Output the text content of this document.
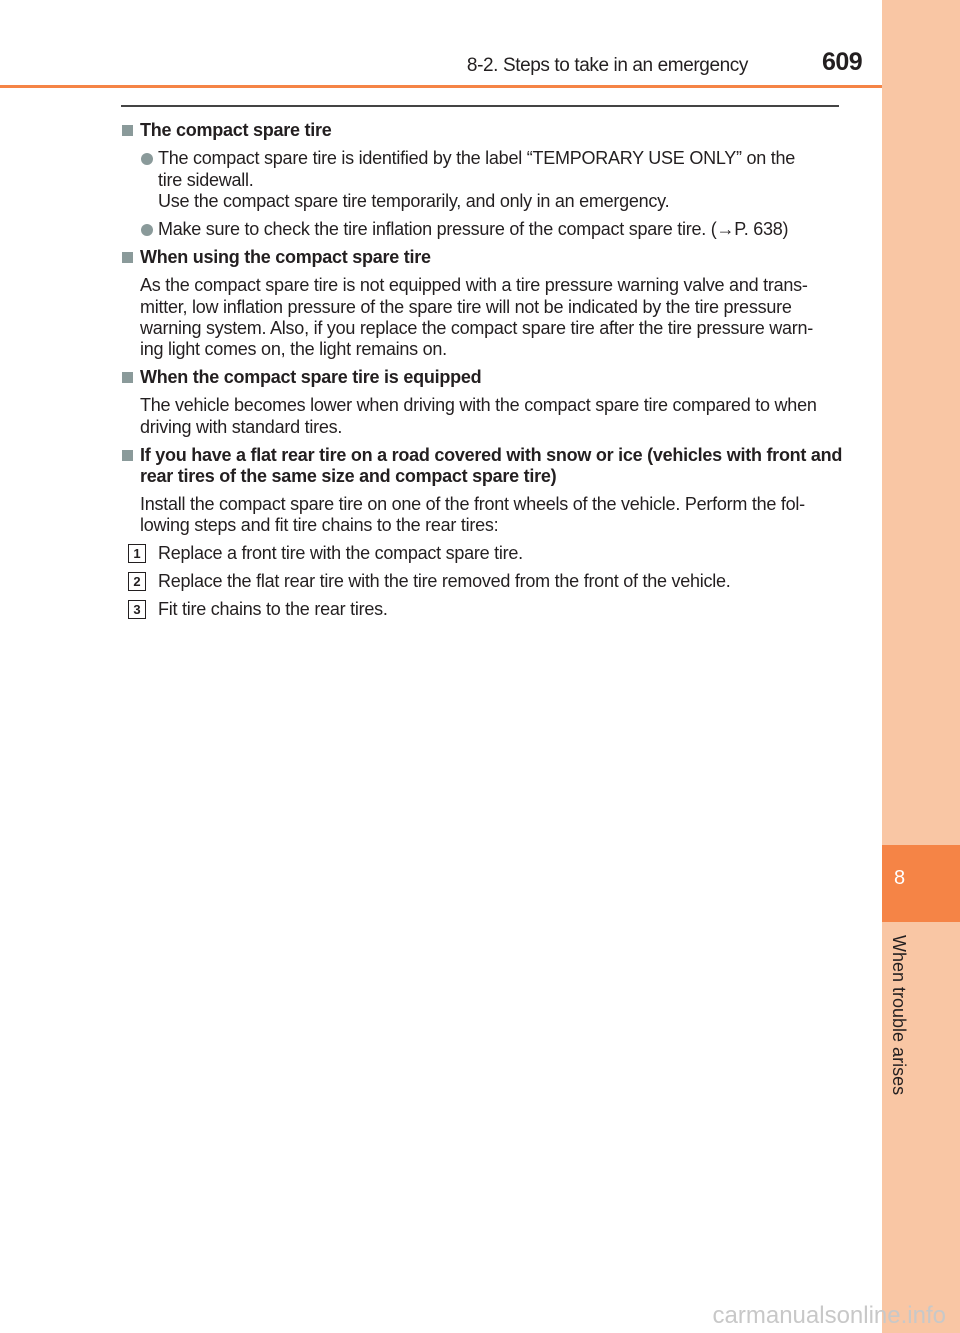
8
When trouble arises
8-2. Steps to take in an emergency	609
The compact spare tire
The compact spare tire is identified by the label “TEMPORARY USE ONLY” on the
tire sidewall.
Use the compact spare tire temporarily, and only in an emergency.
Make sure to check the tire inflation pressure of the compact spare tire. (→P. 638)
When using the compact spare tire
As the compact spare tire is not equipped with a tire pressure warning valve and trans-
mitter, low inflation pressure of the spare tire will not be indicated by the tire pressure
warning system. Also, if you replace the compact spare tire after the tire pressure warn-
ing light comes on, the light remains on.
When the compact spare tire is equipped
The vehicle becomes lower when driving with the compact spare tire compared to when
driving with standard tires.
If you have a flat rear tire on a road covered with snow or ice (vehicles with front and
rear tires of the same size and compact spare tire)
Install the compact spare tire on one of the front wheels of the vehicle. Perform the fol-
lowing steps and fit tire chains to the rear tires:
1 Replace a front tire with the compact spare tire.
2 Replace the flat rear tire with the tire removed from the front of the vehicle.
3 Fit tire chains to the rear tires.
carmanualsonline.info
